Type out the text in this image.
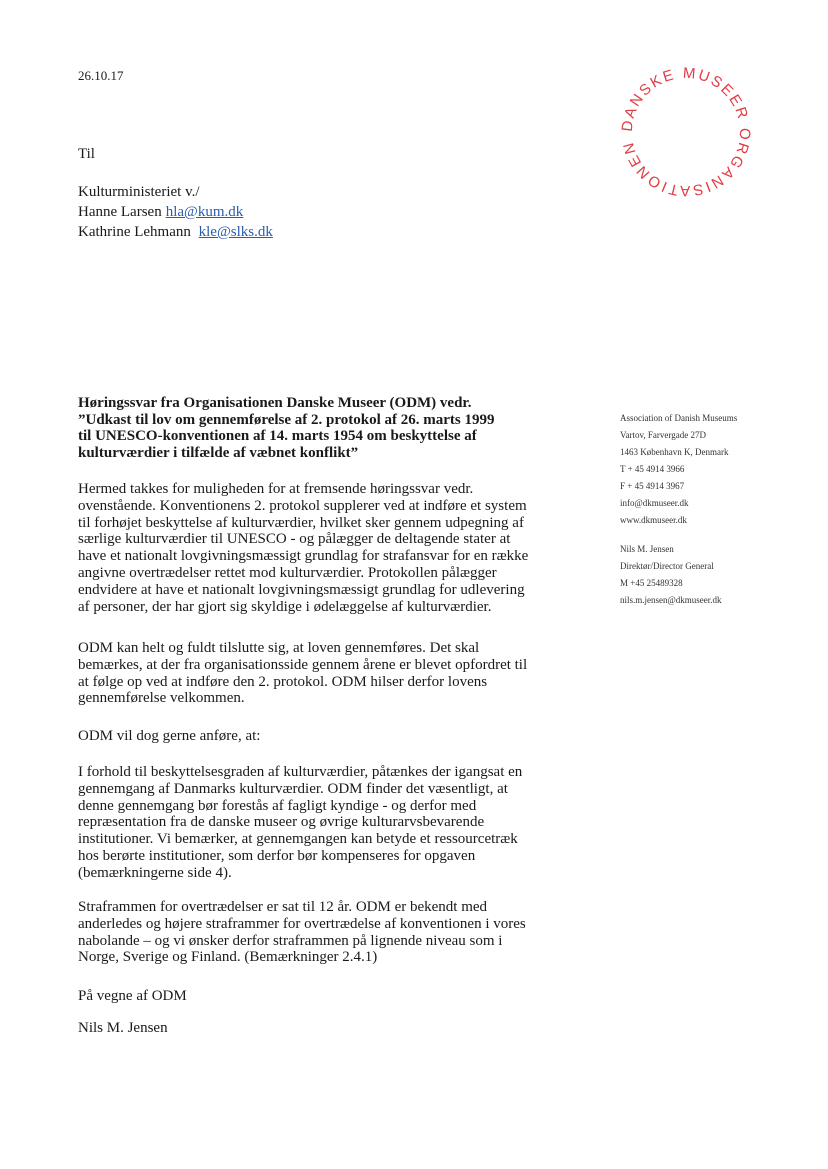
26.10.17
Til
Kulturministeriet v./
Hanne Larsen hla@kum.dk
Kathrine Lehmann kle@slks.dk
DANSKE MUSEER ORGANISATIONEN
Høringssvar fra Organisationen Danske Museer (ODM) vedr.
”Udkast til lov om gennemførelse af 2. protokol af 26. marts 1999
til UNESCO-konventionen af 14. marts 1954 om beskyttelse af
kulturværdier i tilfælde af væbnet konflikt”
Association of Danish Museums
Vartov, Farvergade 27D
1463 København K, Denmark
T + 45 4914 3966
F + 45 4914 3967
info@dkmuseer.dk
www.dkmuseer.dk
Nils M. Jensen
Direktør/Director General
M +45 25489328
nils.m.jensen@dkmuseer.dk
Hermed takkes for muligheden for at fremsende høringssvar vedr.
ovenstående. Konventionens 2. protokol supplerer ved at indføre et system
til forhøjet beskyttelse af kulturværdier, hvilket sker gennem udpegning af
særlige kulturværdier til UNESCO - og pålægger de deltagende stater at
have et nationalt lovgivningsmæssigt grundlag for strafansvar for en række
angivne overtrædelser rettet mod kulturværdier. Protokollen pålægger
endvidere at have et nationalt lovgivningsmæssigt grundlag for udlevering
af personer, der har gjort sig skyldige i ødelæggelse af kulturværdier.
ODM kan helt og fuldt tilslutte sig, at loven gennemføres. Det skal
bemærkes, at der fra organisationsside gennem årene er blevet opfordret til
at følge op ved at indføre den 2. protokol. ODM hilser derfor lovens
gennemførelse velkommen.
ODM vil dog gerne anføre, at:
I forhold til beskyttelsesgraden af kulturværdier, påtænkes der igangsat en
gennemgang af Danmarks kulturværdier. ODM finder det væsentligt, at
denne gennemgang bør forestås af fagligt kyndige - og derfor med
repræsentation fra de danske museer og øvrige kulturarvsbevarende
institutioner. Vi bemærker, at gennemgangen kan betyde et ressourcetræk
hos berørte institutioner, som derfor bør kompenseres for opgaven
(bemærkningerne side 4).
Straframmen for overtrædelser er sat til 12 år. ODM er bekendt med
anderledes og højere straframmer for overtrædelse af konventionen i vores
nabolande – og vi ønsker derfor straframmen på lignende niveau som i
Norge, Sverige og Finland. (Bemærkninger 2.4.1)
På vegne af ODM
Nils M. Jensen
